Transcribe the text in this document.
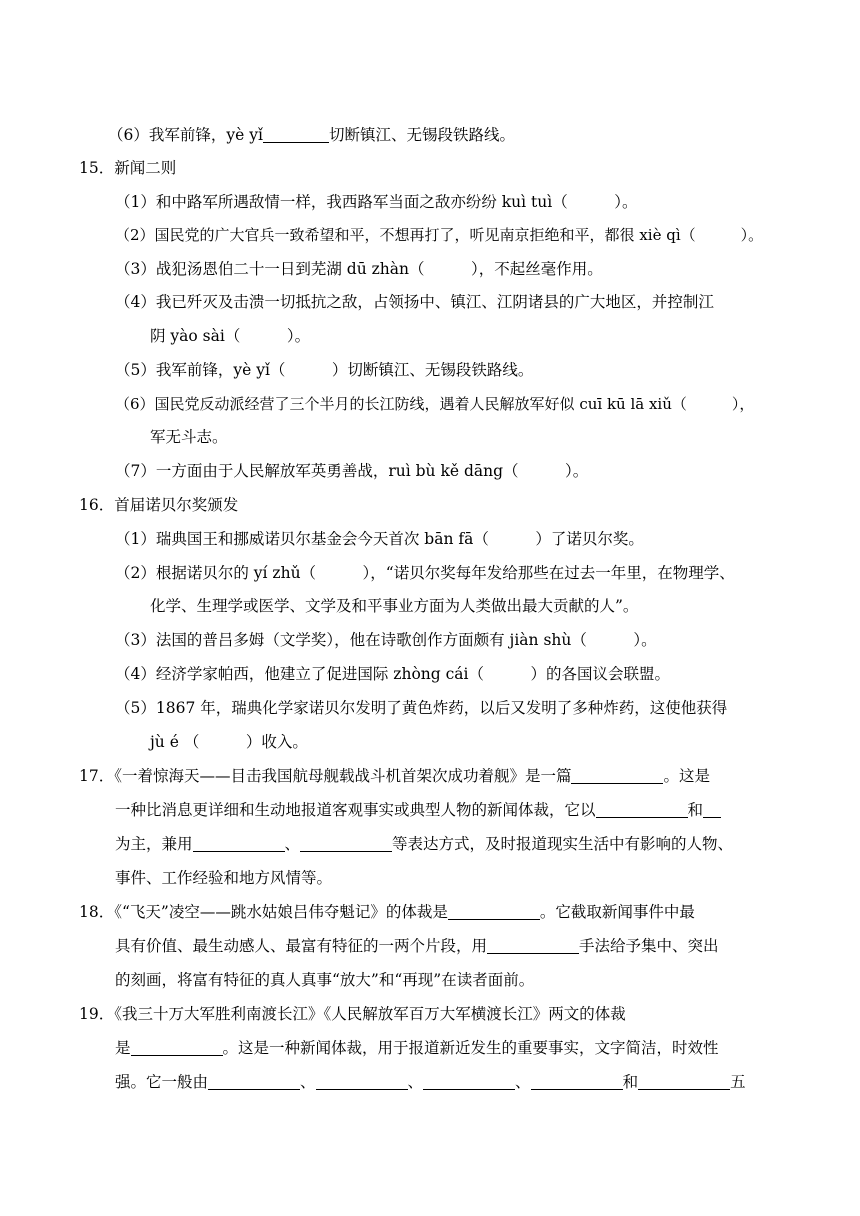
（6）我军前锋，yè yǐ	切断镇江、无锡段铁路线。
15．新闻二则
（1）和中路军所遇敌情一样，我西路军当面之敌亦纷纷 kuì tuì（　　　）。
（2）国民党的广大官兵一致希望和平，不想再打了，听见南京拒绝和平，都很 xiè qì（　　　）。
（3）战犯汤恩伯二十一日到芜湖 dū zhàn（　　　），不起丝毫作用。
（4）我已歼灭及击溃一切抵抗之敌，占领扬中、镇江、江阴诸县的广大地区，并控制江
阴 yào sài（　　　）。
（5）我军前锋，yè yǐ（　　　）切断镇江、无锡段铁路线。
（6）国民党反动派经营了三个半月的长江防线，遇着人民解放军好似 cuī kū lā xiǔ（　　　），
军无斗志。
（7）一方面由于人民解放军英勇善战，ruì bù kě dāng（　　　）。
16．首届诺贝尔奖颁发
（1）瑞典国王和挪威诺贝尔基金会今天首次 bān fā（　　　）了诺贝尔奖。
（2）根据诺贝尔的 yí zhǔ（　　　），“诺贝尔奖每年发给那些在过去一年里，在物理学、
化学、生理学或医学、文学及和平事业方面为人类做出最大贡献的人”。
（3）法国的普吕多姆（文学奖），他在诗歌创作方面颇有 jiàn shù（　　　）。
（4）经济学家帕西，他建立了促进国际 zhòng cái（　　　）的各国议会联盟。
（5）1867 年，瑞典化学家诺贝尔发明了黄色炸药，以后又发明了多种炸药，这使他获得
jù é （　　　）收入。
17．《一着惊海天——目击我国航母舰载战斗机首架次成功着舰》是一篇	。这是
一种比消息更详细和生动地报道客观事实或典型人物的新闻体裁，它以	和
为主，兼用	、	等表达方式，及时报道现实生活中有影响的人物、
事件、工作经验和地方风情等。
18．《“飞天”凌空——跳水姑娘吕伟夺魁记》的体裁是	。它截取新闻事件中最
具有价值、最生动感人、最富有特征的一两个片段，用	手法给予集中、突出
的刻画，将富有特征的真人真事“放大”和“再现”在读者面前。
19．《我三十万大军胜利南渡长江》《人民解放军百万大军横渡长江》两文的体裁
是	。这是一种新闻体裁，用于报道新近发生的重要事实，文字简洁，时效性
强。它一般由	、	、	、	和	五
